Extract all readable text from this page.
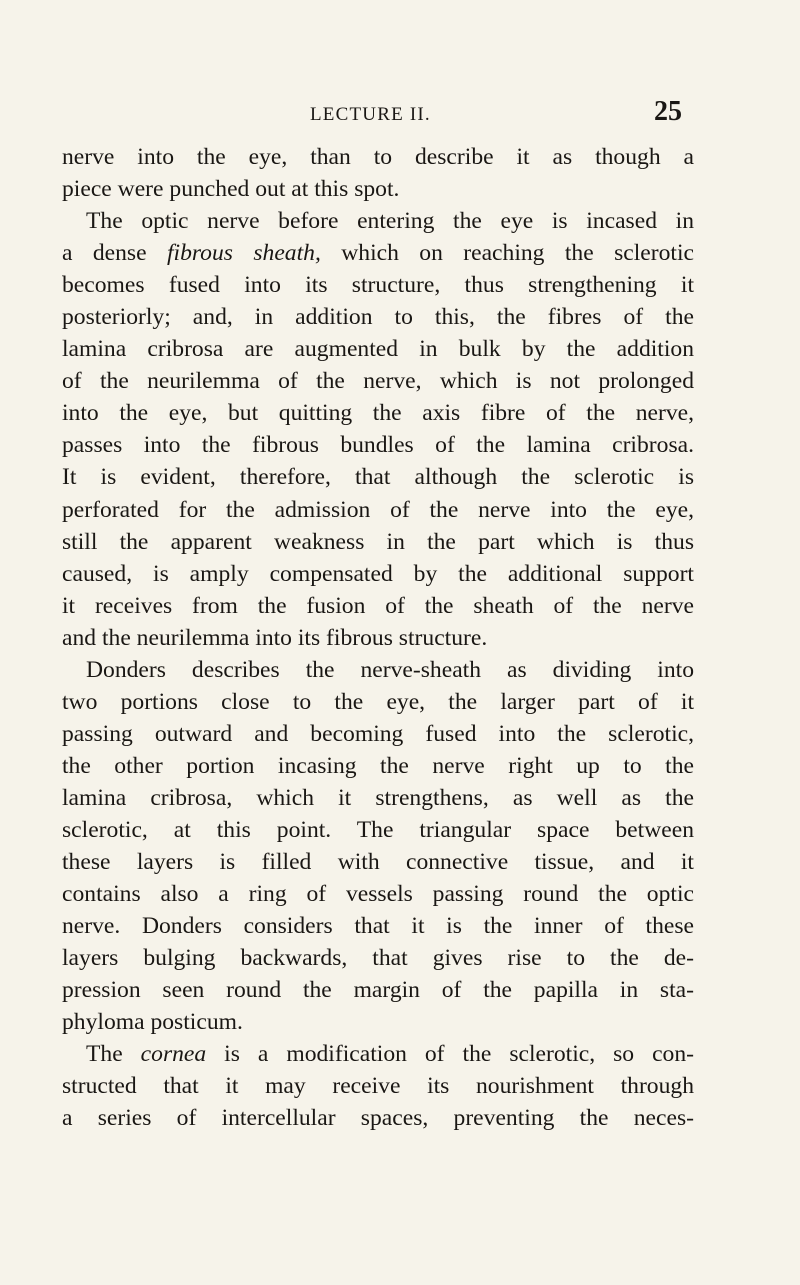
LECTURE II.	25
nerve into the eye, than to describe it as though a
piece were punched out at this spot.
The optic nerve before entering the eye is incased in
a dense fibrous sheath, which on reaching the sclerotic
becomes fused into its structure, thus strengthening it
posteriorly; and, in addition to this, the fibres of the
lamina cribrosa are augmented in bulk by the addition
of the neurilemma of the nerve, which is not prolonged
into the eye, but quitting the axis fibre of the nerve,
passes into the fibrous bundles of the lamina cribrosa.
It is evident, therefore, that although the sclerotic is
perforated for the admission of the nerve into the eye,
still the apparent weakness in the part which is thus
caused, is amply compensated by the additional support
it receives from the fusion of the sheath of the nerve
and the neurilemma into its fibrous structure.
Donders describes the nerve-sheath as dividing into
two portions close to the eye, the larger part of it
passing outward and becoming fused into the sclerotic,
the other portion incasing the nerve right up to the
lamina cribrosa, which it strengthens, as well as the
sclerotic, at this point. The triangular space between
these layers is filled with connective tissue, and it
contains also a ring of vessels passing round the optic
nerve. Donders considers that it is the inner of these
layers bulging backwards, that gives rise to the de-
pression seen round the margin of the papilla in sta-
phyloma posticum.
The cornea is a modification of the sclerotic, so con-
structed that it may receive its nourishment through
a series of intercellular spaces, preventing the neces-
